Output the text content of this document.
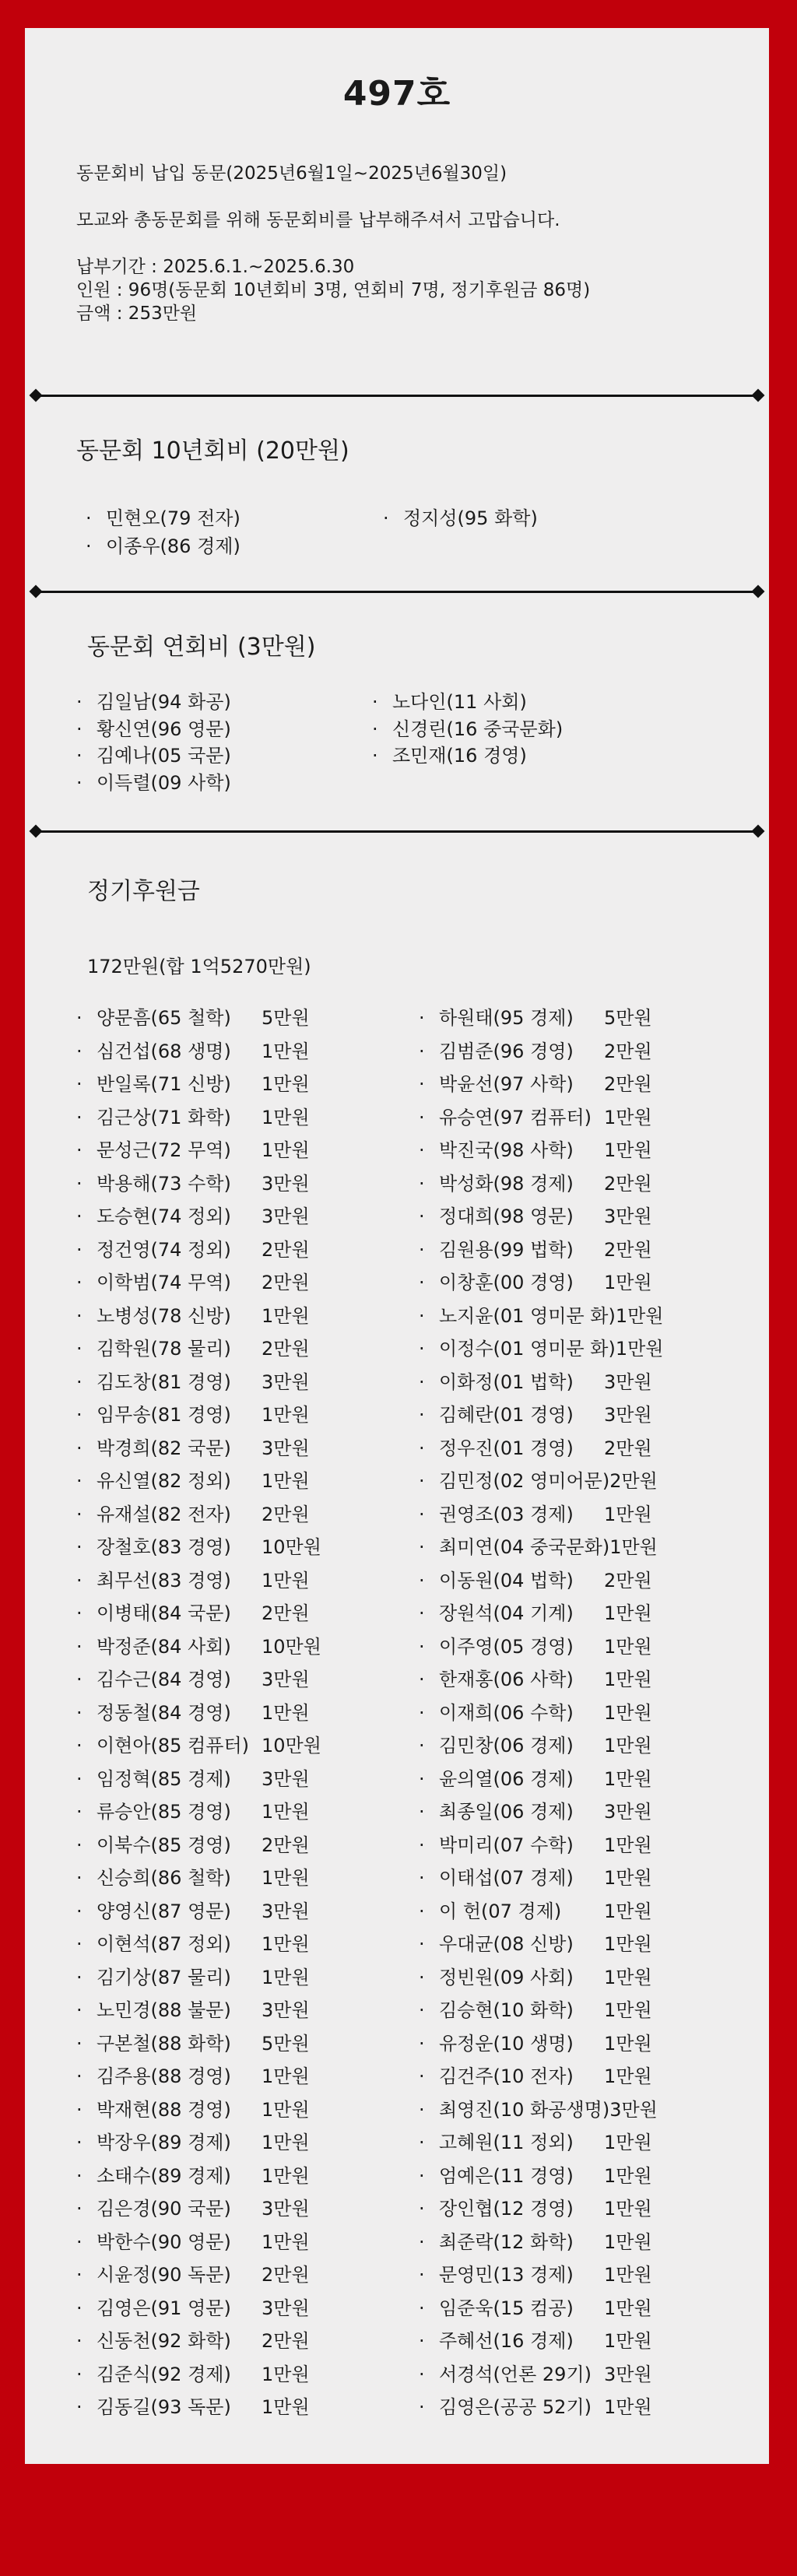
497호
동문회비 납입 동문(2025년6월1일~2025년6월30일)
모교와 총동문회를 위해 동문회비를 납부해주셔서 고맙습니다.
납부기간 : 2025.6.1.~2025.6.30
인원 : 96명(동문회 10년회비 3명, 연회비 7명, 정기후원금 86명)
금액 : 253만원
동문회 10년회비 (20만원)
· 민현오(79 전자)
· 이종우(86 경제)
· 정지성(95 화학)
동문회 연회비 (3만원)
· 김일남(94 화공)
· 황신연(96 영문)
· 김예나(05 국문)
· 이득렬(09 사학)
· 노다인(11 사회)
· 신경린(16 중국문화)
· 조민재(16 경영)
정기후원금
172만원(합 1억5270만원)
· 양문흠(65 철학) 5만원
· 심건섭(68 생명) 1만원
· 반일록(71 신방) 1만원
· 김근상(71 화학) 1만원
· 문성근(72 무역) 1만원
· 박용해(73 수학) 3만원
· 도승현(74 정외) 3만원
· 정건영(74 정외) 2만원
· 이학범(74 무역) 2만원
· 노병성(78 신방) 1만원
· 김학원(78 물리) 2만원
· 김도창(81 경영) 3만원
· 임무송(81 경영) 1만원
· 박경희(82 국문) 3만원
· 유신열(82 정외) 1만원
· 유재설(82 전자) 2만원
· 장철호(83 경영) 10만원
· 최무선(83 경영) 1만원
· 이병태(84 국문) 2만원
· 박정준(84 사회) 10만원
· 김수근(84 경영) 3만원
· 정동철(84 경영) 1만원
· 이현아(85 컴퓨터) 10만원
· 임정혁(85 경제) 3만원
· 류승안(85 경영) 1만원
· 이북수(85 경영) 2만원
· 신승희(86 철학) 1만원
· 양영신(87 영문) 3만원
· 이현석(87 정외) 1만원
· 김기상(87 물리) 1만원
· 노민경(88 불문) 3만원
· 구본철(88 화학) 5만원
· 김주용(88 경영) 1만원
· 박재현(88 경영) 1만원
· 박장우(89 경제) 1만원
· 소태수(89 경제) 1만원
· 김은경(90 국문) 3만원
· 박한수(90 영문) 1만원
· 시윤정(90 독문) 2만원
· 김영은(91 영문) 3만원
· 신동천(92 화학) 2만원
· 김준식(92 경제) 1만원
· 김동길(93 독문) 1만원
· 하원태(95 경제) 5만원
· 김범준(96 경영) 2만원
· 박윤선(97 사학) 2만원
· 유승연(97 컴퓨터) 1만원
· 박진국(98 사학) 1만원
· 박성화(98 경제) 2만원
· 정대희(98 영문) 3만원
· 김원용(99 법학) 2만원
· 이창훈(00 경영) 1만원
· 노지윤(01 영미문 화)1만원
· 이정수(01 영미문 화)1만원
· 이화정(01 법학) 3만원
· 김혜란(01 경영) 3만원
· 정우진(01 경영) 2만원
· 김민정(02 영미어문)2만원
· 권영조(03 경제) 1만원
· 최미연(04 중국문화)1만원
· 이동원(04 법학) 2만원
· 장원석(04 기계) 1만원
· 이주영(05 경영) 1만원
· 한재홍(06 사학) 1만원
· 이재희(06 수학) 1만원
· 김민창(06 경제) 1만원
· 윤의열(06 경제) 1만원
· 최종일(06 경제) 3만원
· 박미리(07 수학) 1만원
· 이태섭(07 경제) 1만원
· 이 헌(07 경제) 1만원
· 우대균(08 신방) 1만원
· 정빈원(09 사회) 1만원
· 김승현(10 화학) 1만원
· 유정운(10 생명) 1만원
· 김건주(10 전자) 1만원
· 최영진(10 화공생명)3만원
· 고혜원(11 정외) 1만원
· 엄예은(11 경영) 1만원
· 장인협(12 경영) 1만원
· 최준락(12 화학) 1만원
· 문영민(13 경제) 1만원
· 임준욱(15 컴공) 1만원
· 주혜선(16 경제) 1만원
· 서경석(언론 29기) 3만원
· 김영은(공공 52기) 1만원
